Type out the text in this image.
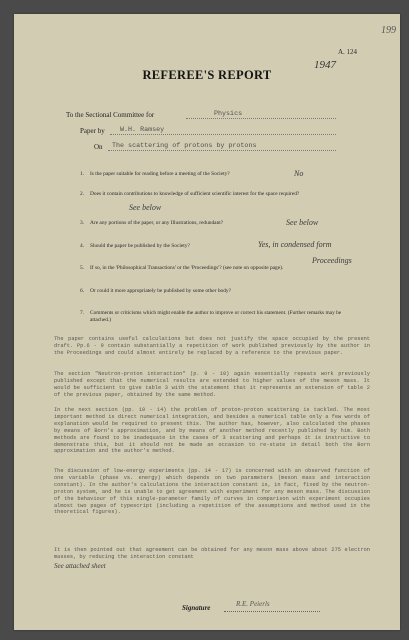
199
A. 124
1947
REFEREE'S REPORT
To the Sectional Committee for	Physics
Paper by W.H. Ramsey
On The scattering of protons by protons
1. Is the paper suitable for reading before a meeting of the Society?	No
2. Does it contain contributions to knowledge of sufficient scientific interest for the space required?
See below
3. Are any portions of the paper, or any Illustrations, redundant?	See below
4. Should the paper be published by the Society?	Yes, in condensed form
5. If so, in the 'Philosophical Transactions' or the 'Proceedings'? (see note on opposite page).
Proceedings
6. Or could it more appropriately be published by some other body?
7. Comments or criticisms which might enable the author to improve or correct his statement. (Further remarks may be attached.)
The paper contains useful calculations but does not justify the space occupied by the present draft. Pp.6 - 9 contain substantially a repetition of work published previously by the author in the Proceedings and could almost entirely be replaced by a reference to the previous paper.
The section "Neutron-proton interaction" (p. 9 - 10) again essentially repeats work previously published except that the numerical results are extended to higher values of the meson mass. It would be sufficient to give table 3 with the statement that it represents an extension of table 2 of the previous paper, obtained by the same method.
In the next section (pp. 10 - 14) the problem of proton-proton scattering is tackled. The most important method is direct numerical integration, and besides a numerical table only a few words of explanation would be required to present this. The author has, however, also calculated the phases by means of Born's approximation, and by means of another method recently published by him. Both methods are found to be inadequate in the cases of 3 scattering and perhaps it is instructive to demonstrate this, but it should not be made an occasion to re-state in detail both the Born approximation and the author's method.
The discussion of low-energy experiments (pp. 14 - 17) is concerned with an observed function of one variable (phase vs. energy) which depends on two parameters (meson mass and interaction constant). In the author's calculations the interaction constant is, in fact, fixed by the neutron-proton system, and he is unable to get agreement with experiment for any meson mass. The discussion of the behaviour of this single-parameter family of curves in comparison with experiment occupies almost two pages of typescript (including a repetition of the assumptions and method used in the theoretical figures).
It is then pointed out that agreement can be obtained for any meson mass above about 275 electron masses, by reducing the interaction constant
See attached sheet
Signature	R.E. Peierls
